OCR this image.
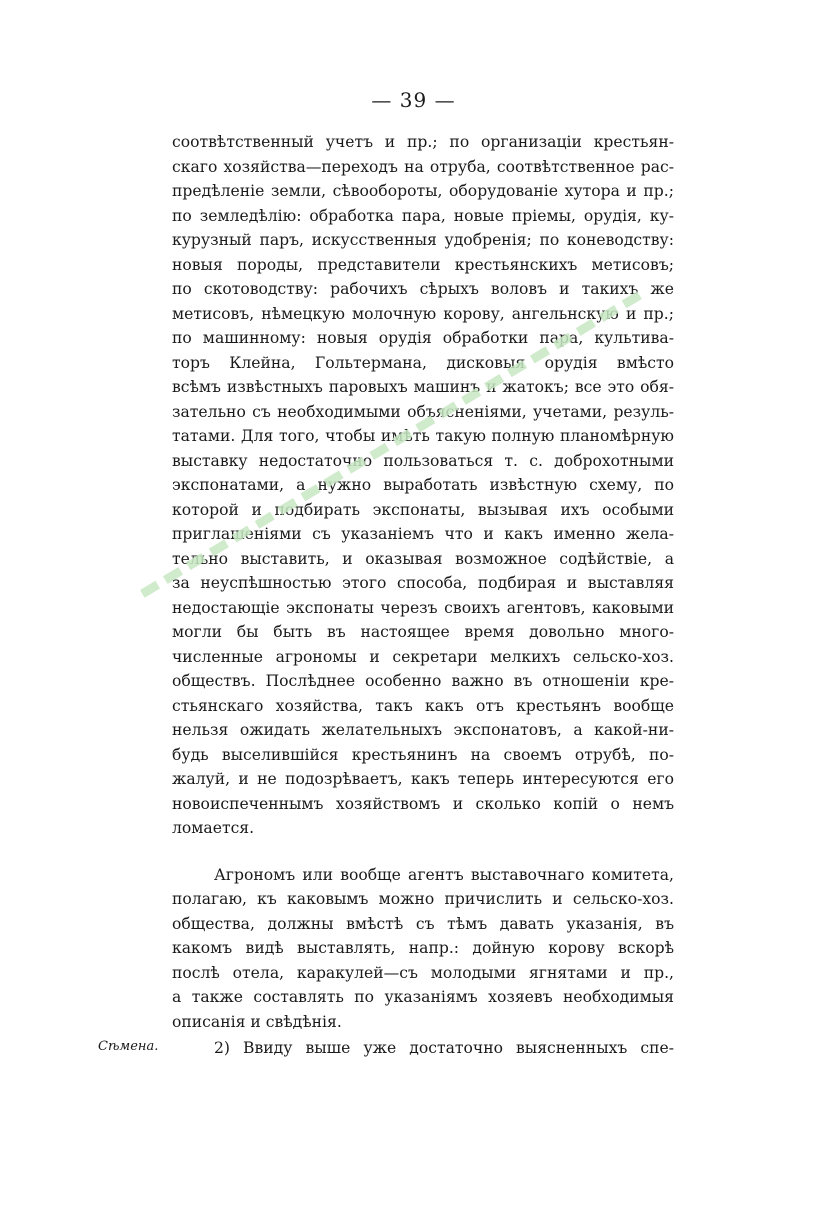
— 39 —
соотвѣтственный учетъ и пр.; по организаціи крестьян-
скаго хозяйства—переходъ на отруба, соотвѣтственное рас-
предѣленіе земли, сѣвообороты, оборудованіе хутора и пр.;
по земледѣлію: обработка пара, новые пріемы, орудія, ку-
курузный паръ, искусственныя удобренія; по коневодству:
новыя породы, представители крестьянскихъ метисовъ;
по скотоводству: рабочихъ сѣрыхъ воловъ и такихъ же
метисовъ, нѣмецкую молочную корову, ангельнскую и пр.;
по машинному: новыя орудія обработки пара, культива-
торъ Клейна, Гольтермана, дисковыя орудія вмѣсто
всѣмъ извѣстныхъ паровыхъ машинъ и жатокъ; все это обя-
зательно съ необходимыми объясненіями, учетами, резуль-
татами. Для того, чтобы имѣть такую полную планомѣрную
выставку недостаточно пользоваться т. с. доброхотными
экспонатами, а нужно выработать извѣстную схему, по
которой и подбирать экспонаты, вызывая ихъ особыми
приглашеніями съ указаніемъ что и какъ именно жела-
тельно выставить, и оказывая возможное содѣйствіе, а
за неуспѣшностью этого способа, подбирая и выставляя
недостающіе экспонаты черезъ своихъ агентовъ, каковыми
могли бы быть въ настоящее время довольно много-
численные агрономы и секретари мелкихъ сельско-хоз.
обществъ. Послѣднее особенно важно въ отношеніи кре-
стьянскаго хозяйства, такъ какъ отъ крестьянъ вообще
нельзя ожидать желательныхъ экспонатовъ, а какой-ни-
будь выселившійся крестьянинъ на своемъ отрубѣ, по-
жалуй, и не подозрѣваетъ, какъ теперь интересуются его
новоиспеченнымъ хозяйствомъ и сколько копій о немъ
ломается.
Агрономъ или вообще агентъ выставочнаго комитета,
полагаю, къ каковымъ можно причислить и сельско-хоз.
общества, должны вмѣстѣ съ тѣмъ давать указанія, въ
какомъ видѣ выставлять, напр.: дойную корову вскорѣ
послѣ отела, каракулей—съ молодыми ягнятами и пр.,
а также составлять по указаніямъ хозяевъ необходимыя
описанія и свѣдѣнія.
Сѣмена.	2) Ввиду выше уже достаточно выясненныхъ спе-
